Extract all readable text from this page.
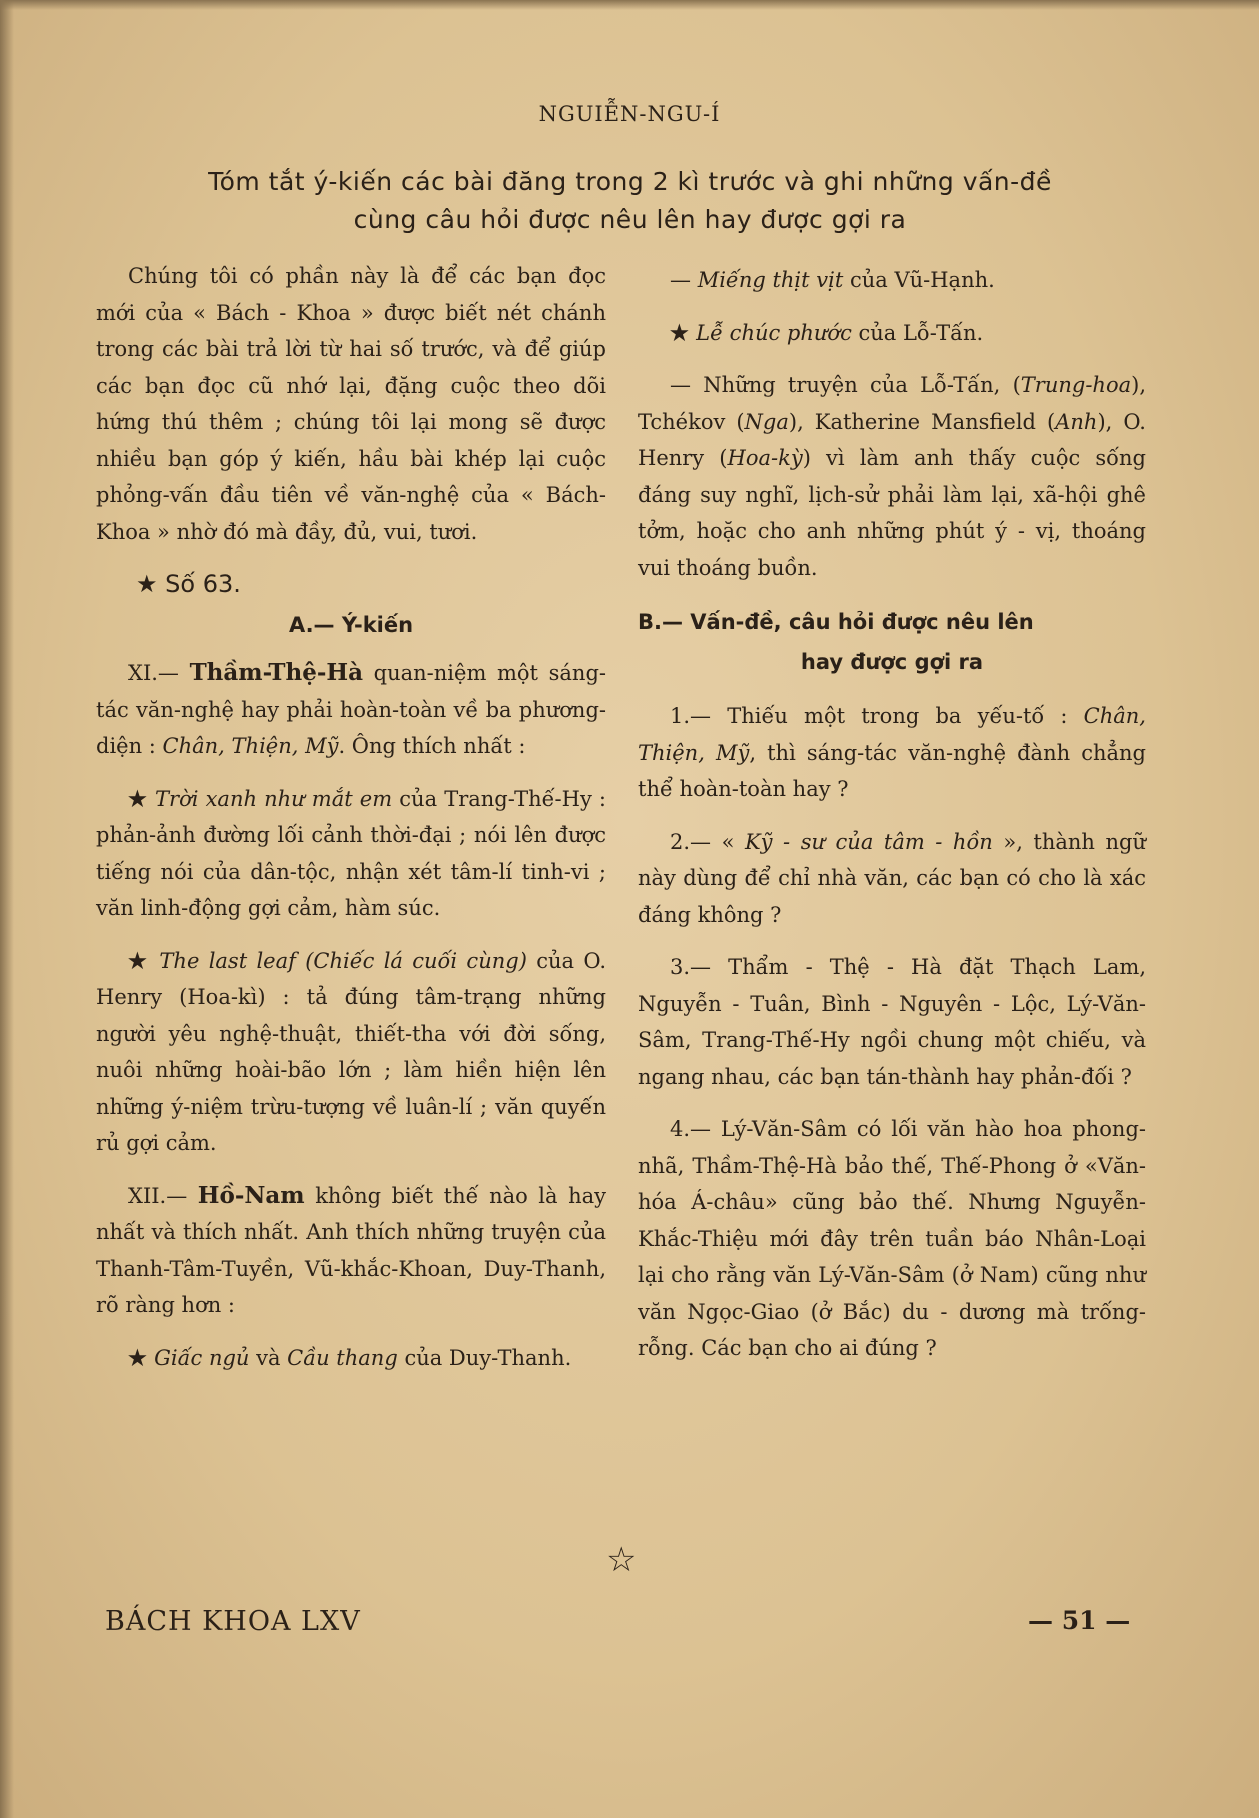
NGUIỄN-NGU-Í
Tóm tắt ý-kiến các bài đăng trong 2 kì trước và ghi những vấn-đề
cùng câu hỏi được nêu lên hay được gợi ra

Chúng tôi có phần này là để các bạn đọc mới của « Bách - Khoa » được biết nét chánh trong các bài trả lời từ hai số trước, và để giúp các bạn đọc cũ nhớ lại, đặng cuộc theo dõi hứng thú thêm ; chúng tôi lại mong sẽ được nhiều bạn góp ý kiến, hầu bài khép lại cuộc phỏng-vấn đầu tiên về văn-nghệ của « Bách-Khoa » nhờ đó mà đầy, đủ, vui, tươi.

★ Số 63.
A.— Ý-kiến

XI.— Thầm-Thệ-Hà quan-niệm một sáng-tác văn-nghệ hay phải hoàn-toàn về ba phương-diện : Chân, Thiện, Mỹ. Ông thích nhất :

★ Trời xanh như mắt em của Trang-Thế-Hy : phản-ảnh đường lối cảnh thời-đại ; nói lên được tiếng nói của dân-tộc, nhận xét tâm-lí tinh-vi ; văn linh-động gợi cảm, hàm súc.

★ The last leaf (Chiếc lá cuối cùng) của O. Henry (Hoa-kì) : tả đúng tâm-trạng những người yêu nghệ-thuật, thiết-tha với đời sống, nuôi những hoài-bão lớn ; làm hiền hiện lên những ý-niệm trừu-tượng về luân-lí ; văn quyến rủ gợi cảm.

XII.— Hồ-Nam không biết thế nào là hay nhất và thích nhất. Anh thích những truyện của Thanh-Tâm-Tuyền, Vũ-khắc-Khoan, Duy-Thanh, rõ ràng hơn :

★ Giấc ngủ và Cầu thang của Duy-Thanh.

— Miếng thịt vịt của Vũ-Hạnh.

★ Lễ chúc phước của Lỗ-Tấn.

— Những truyện của Lỗ-Tấn, (Trung-hoa), Tchékov (Nga), Katherine Mansfield (Anh), O. Henry (Hoa-kỳ) vì làm anh thấy cuộc sống đáng suy nghĩ, lịch-sử phải làm lại, xã-hội ghê tởm, hoặc cho anh những phút ý - vị, thoáng vui thoáng buồn.

B.— Vấn-đề, câu hỏi được nêu lên
hay được gợi ra

1.— Thiếu một trong ba yếu-tố : Chân, Thiện, Mỹ, thì sáng-tác văn-nghệ đành chẳng thể hoàn-toàn hay ?

2.— « Kỹ - sư của tâm - hồn », thành ngữ này dùng để chỉ nhà văn, các bạn có cho là xác đáng không ?

3.— Thẩm - Thệ - Hà đặt Thạch Lam, Nguyễn - Tuân, Bình - Nguyên - Lộc, Lý-Văn-Sâm, Trang-Thế-Hy ngồi chung một chiếu, và ngang nhau, các bạn tán-thành hay phản-đối ?

4.— Lý-Văn-Sâm có lối văn hào hoa phong-nhã, Thầm-Thệ-Hà bảo thế, Thế-Phong ở «Văn-hóa Á-châu» cũng bảo thế. Nhưng Nguyễn-Khắc-Thiệu mới đây trên tuần báo Nhân-Loại lại cho rằng văn Lý-Văn-Sâm (ở Nam) cũng như văn Ngọc-Giao (ở Bắc) du - dương mà trống-rỗng. Các bạn cho ai đúng ?

☆
BÁCH KHOA LXV	— 51 —
